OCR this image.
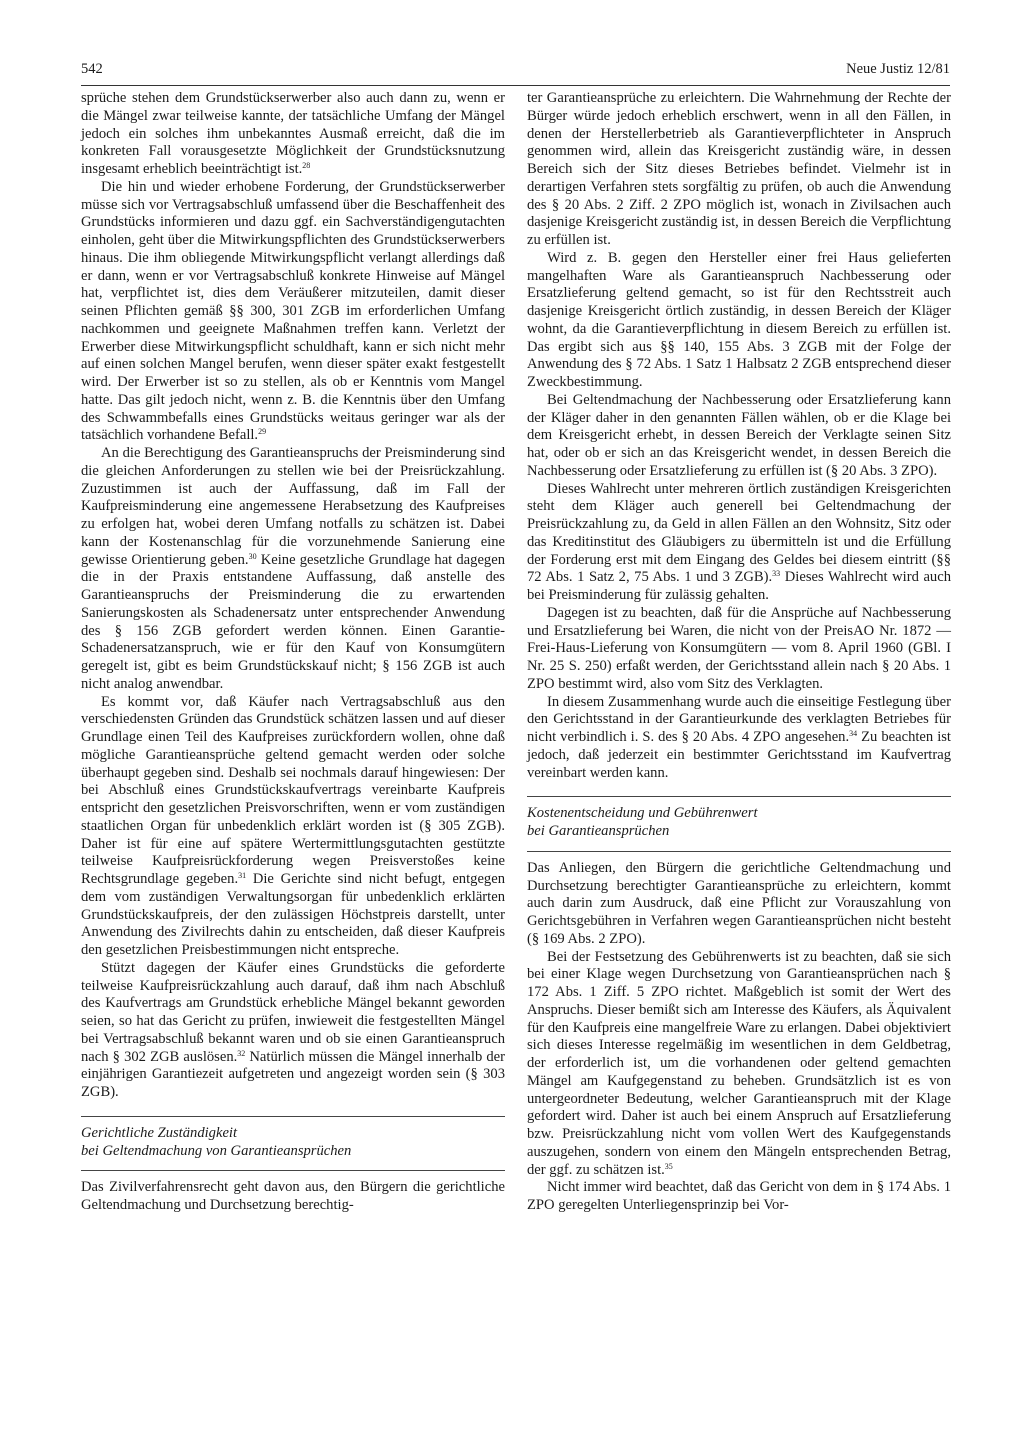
542	Neue Justiz 12/81

sprüche stehen dem Grundstückserwerber also auch dann zu, wenn er die Mängel zwar teilweise kannte, der tatsächliche Umfang der Mängel jedoch ein solches ihm unbekanntes Ausmaß erreicht, daß die im konkreten Fall vorausgesetzte Möglichkeit der Grundstücksnutzung insgesamt erheblich beeinträchtigt ist.$^{28}$

Die hin und wieder erhobene Forderung, der Grundstückserwerber müsse sich vor Vertragsabschluß umfassend über die Beschaffenheit des Grundstücks informieren und dazu ggf. ein Sachverständigengutachten einholen, geht über die Mitwirkungspflichten des Grundstückserwerbers hinaus. Die ihm obliegende Mitwirkungspflicht verlangt allerdings daß er dann, wenn er vor Vertragsabschluß konkrete Hinweise auf Mängel hat, verpflichtet ist, dies dem Veräußerer mitzuteilen, damit dieser seinen Pflichten gemäß §§ 300, 301 ZGB im erforderlichen Umfang nachkommen und geeignete Maßnahmen treffen kann. Verletzt der Erwerber diese Mitwirkungspflicht schuldhaft, kann er sich nicht mehr auf einen solchen Mangel berufen, wenn dieser später exakt festgestellt wird. Der Erwerber ist so zu stellen, als ob er Kenntnis vom Mangel hatte. Das gilt jedoch nicht, wenn z. B. die Kenntnis über den Umfang des Schwammbefalls eines Grundstücks weitaus geringer war als der tatsächlich vorhandene Befall.$^{29}$

An die Berechtigung des Garantieanspruchs der Preisminderung sind die gleichen Anforderungen zu stellen wie bei der Preisrückzahlung. Zuzustimmen ist auch der Auffassung, daß im Fall der Kaufpreisminderung eine angemessene Herabsetzung des Kaufpreises zu erfolgen hat, wobei deren Umfang notfalls zu schätzen ist. Dabei kann der Kostenanschlag für die vorzunehmende Sanierung eine gewisse Orientierung geben.$^{30}$ Keine gesetzliche Grundlage hat dagegen die in der Praxis entstandene Auffassung, daß anstelle des Garantieanspruchs der Preisminderung die zu erwartenden Sanierungskosten als Schadenersatz unter entsprechender Anwendung des § 156 ZGB gefordert werden können. Einen Garantie-Schadenersatzanspruch, wie er für den Kauf von Konsumgütern geregelt ist, gibt es beim Grundstückskauf nicht; § 156 ZGB ist auch nicht analog anwendbar.

Es kommt vor, daß Käufer nach Vertragsabschluß aus den verschiedensten Gründen das Grundstück schätzen lassen und auf dieser Grundlage einen Teil des Kaufpreises zurückfordern wollen, ohne daß mögliche Garantieansprüche geltend gemacht werden oder solche überhaupt gegeben sind. Deshalb sei nochmals darauf hingewiesen: Der bei Abschluß eines Grundstückskaufvertrags vereinbarte Kaufpreis entspricht den gesetzlichen Preisvorschriften, wenn er vom zuständigen staatlichen Organ für unbedenklich erklärt worden ist (§ 305 ZGB). Daher ist für eine auf spätere Wertermittlungsgutachten gestützte teilweise Kaufpreisrückforderung wegen Preisverstoßes keine Rechtsgrundlage gegeben.$^{31}$ Die Gerichte sind nicht befugt, entgegen dem vom zuständigen Verwaltungsorgan für unbedenklich erklärten Grundstückskaufpreis, der den zulässigen Höchstpreis darstellt, unter Anwendung des Zivilrechts dahin zu entscheiden, daß dieser Kaufpreis den gesetzlichen Preisbestimmungen nicht entspreche.

Stützt dagegen der Käufer eines Grundstücks die geforderte teilweise Kaufpreisrückzahlung auch darauf, daß ihm nach Abschluß des Kaufvertrags am Grundstück erhebliche Mängel bekannt geworden seien, so hat das Gericht zu prüfen, inwieweit die festgestellten Mängel bei Vertragsabschluß bekannt waren und ob sie einen Garantieanspruch nach § 302 ZGB auslösen.$^{32}$ Natürlich müssen die Mängel innerhalb der einjährigen Garantiezeit aufgetreten und angezeigt worden sein (§ 303 ZGB).

Gerichtliche Zuständigkeit
bei Geltendmachung von Garantieansprüchen

Das Zivilverfahrensrecht geht davon aus, den Bürgern die gerichtliche Geltendmachung und Durchsetzung berechtig-

ter Garantieansprüche zu erleichtern. Die Wahrnehmung der Rechte der Bürger würde jedoch erheblich erschwert, wenn in all den Fällen, in denen der Herstellerbetrieb als Garantieverpflichteter in Anspruch genommen wird, allein das Kreisgericht zuständig wäre, in dessen Bereich sich der Sitz dieses Betriebes befindet. Vielmehr ist in derartigen Verfahren stets sorgfältig zu prüfen, ob auch die Anwendung des § 20 Abs. 2 Ziff. 2 ZPO möglich ist, wonach in Zivilsachen auch dasjenige Kreisgericht zuständig ist, in dessen Bereich die Verpflichtung zu erfüllen ist.

Wird z. B. gegen den Hersteller einer frei Haus gelieferten mangelhaften Ware als Garantieanspruch Nachbesserung oder Ersatzlieferung geltend gemacht, so ist für den Rechtsstreit auch dasjenige Kreisgericht örtlich zuständig, in dessen Bereich der Kläger wohnt, da die Garantieverpflichtung in diesem Bereich zu erfüllen ist. Das ergibt sich aus §§ 140, 155 Abs. 3 ZGB mit der Folge der Anwendung des § 72 Abs. 1 Satz 1 Halbsatz 2 ZGB entsprechend dieser Zweckbestimmung.

Bei Geltendmachung der Nachbesserung oder Ersatzlieferung kann der Kläger daher in den genannten Fällen wählen, ob er die Klage bei dem Kreisgericht erhebt, in dessen Bereich der Verklagte seinen Sitz hat, oder ob er sich an das Kreisgericht wendet, in dessen Bereich die Nachbesserung oder Ersatzlieferung zu erfüllen ist (§ 20 Abs. 3 ZPO).

Dieses Wahlrecht unter mehreren örtlich zuständigen Kreisgerichten steht dem Kläger auch generell bei Geltendmachung der Preisrückzahlung zu, da Geld in allen Fällen an den Wohnsitz, Sitz oder das Kreditinstitut des Gläubigers zu übermitteln ist und die Erfüllung der Forderung erst mit dem Eingang des Geldes bei diesem eintritt (§§ 72 Abs. 1 Satz 2, 75 Abs. 1 und 3 ZGB).$^{33}$ Dieses Wahlrecht wird auch bei Preisminderung für zulässig gehalten.

Dagegen ist zu beachten, daß für die Ansprüche auf Nachbesserung und Ersatzlieferung bei Waren, die nicht von der PreisAO Nr. 1872 — Frei-Haus-Lieferung von Konsumgütern — vom 8. April 1960 (GBl. I Nr. 25 S. 250) erfaßt werden, der Gerichtsstand allein nach § 20 Abs. 1 ZPO bestimmt wird, also vom Sitz des Verklagten.

In diesem Zusammenhang wurde auch die einseitige Festlegung über den Gerichtsstand in der Garantieurkunde des verklagten Betriebes für nicht verbindlich i. S. des § 20 Abs. 4 ZPO angesehen.$^{34}$ Zu beachten ist jedoch, daß jederzeit ein bestimmter Gerichtsstand im Kaufvertrag vereinbart werden kann.

Kostenentscheidung und Gebührenwert
bei Garantieansprüchen

Das Anliegen, den Bürgern die gerichtliche Geltendmachung und Durchsetzung berechtigter Garantieansprüche zu erleichtern, kommt auch darin zum Ausdruck, daß eine Pflicht zur Vorauszahlung von Gerichtsgebühren in Verfahren wegen Garantieansprüchen nicht besteht (§ 169 Abs. 2 ZPO).

Bei der Festsetzung des Gebührenwerts ist zu beachten, daß sie sich bei einer Klage wegen Durchsetzung von Garantieansprüchen nach § 172 Abs. 1 Ziff. 5 ZPO richtet. Maßgeblich ist somit der Wert des Anspruchs. Dieser bemißt sich am Interesse des Käufers, als Äquivalent für den Kaufpreis eine mangelfreie Ware zu erlangen. Dabei objektiviert sich dieses Interesse regelmäßig im wesentlichen in dem Geldbetrag, der erforderlich ist, um die vorhandenen oder geltend gemachten Mängel am Kaufgegenstand zu beheben. Grundsätzlich ist es von untergeordneter Bedeutung, welcher Garantieanspruch mit der Klage gefordert wird. Daher ist auch bei einem Anspruch auf Ersatzlieferung bzw. Preisrückzahlung nicht vom vollen Wert des Kaufgegenstands auszugehen, sondern von einem den Mängeln entsprechenden Betrag, der ggf. zu schätzen ist.$^{35}$

Nicht immer wird beachtet, daß das Gericht von dem in § 174 Abs. 1 ZPO geregelten Unterliegensprinzip bei Vor-
